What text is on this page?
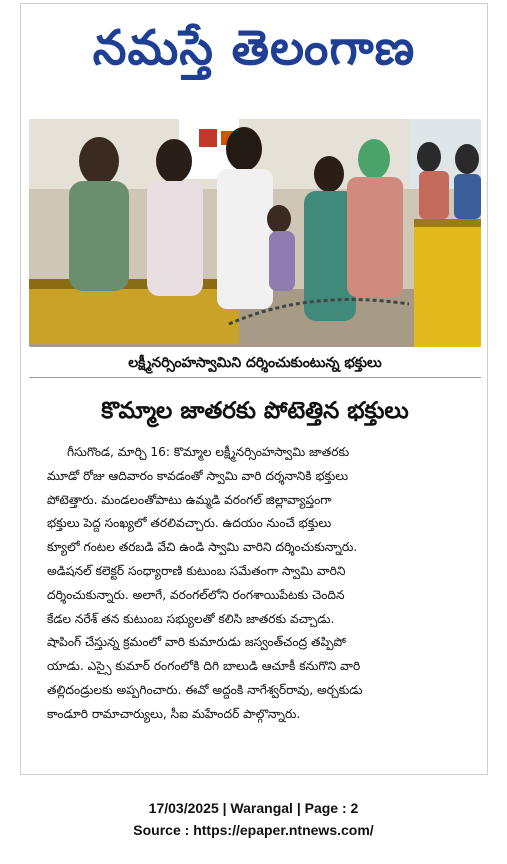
నమస్తే తెలంగాణ
లక్ష్మీనర్సింహస్వామిని దర్శించుకుంటున్న భక్తులు
కొమ్మాల జాతరకు పోటెత్తిన భక్తులు
గీసుగొండ, మార్చి 16: కొమ్మాల లక్ష్మీనర్సింహస్వామి జాతరకు
మూడో రోజు ఆదివారం కావడంతో స్వామి వారి దర్శనానికి భక్తులు
పోటెత్తారు. మండలంతోపాటు ఉమ్మడి వరంగల్ జిల్లావ్యాప్తంగా
భక్తులు పెద్ద సంఖ్యలో తరలివచ్చారు. ఉదయం నుంచే భక్తులు
క్యూలో గంటల తరబడి వేచి ఉండి స్వామి వారిని దర్శించుకున్నారు.
అడిషనల్ కలెక్టర్ సంధ్యారాణి కుటుంబ సమేతంగా స్వామి వారిని
దర్శించుకున్నారు. అలాగే, వరంగల్‌లోని రంగశాయిపేటకు చెందిన
కేడల నరేశ్ తన కుటుంబ సభ్యులతో కలిసి జాతరకు వచ్చాడు.
షాపింగ్ చేస్తున్న క్రమంలో వారి కుమారుడు జస్వంత్‌చంద్ర తప్పిపో
యాడు. ఎస్సై కుమార్ రంగంలోకి దిగి బాలుడి ఆచూకీ కనుగొని వారి
తల్లిదండ్రులకు అప్పగించారు. ఈవో అద్దంకి నాగేశ్వర్‌రావు, అర్చకుడు
కాండూరి రామాచార్యులు, సీఐ మహేందర్ పాల్గొన్నారు.
17/03/2025 | Warangal | Page : 2
Source : https://epaper.ntnews.com/
